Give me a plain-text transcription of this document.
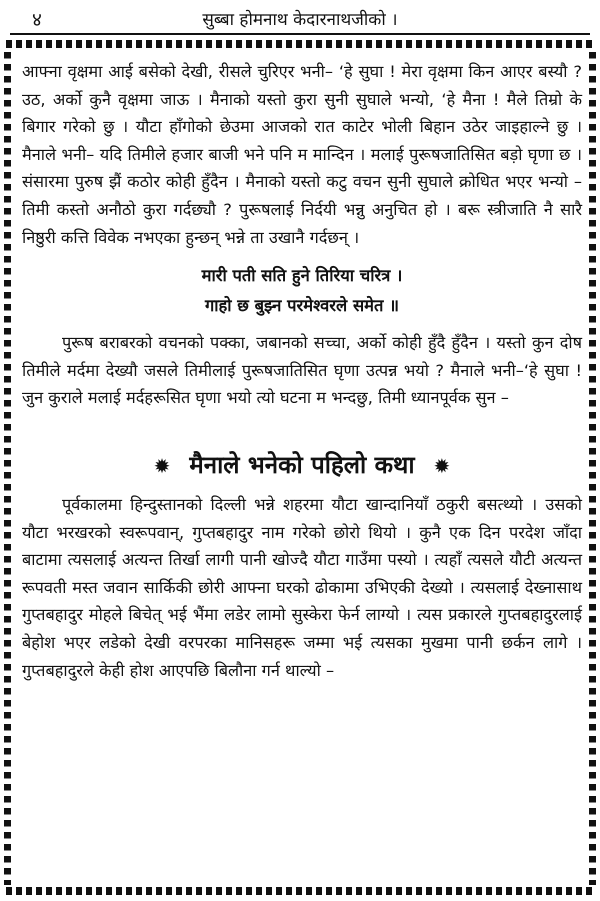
४	सुब्बा होमनाथ केदारनाथजीको ।

आफ्ना वृक्षमा आई बसेको देखी, रीसले चुरिएर भनी– ‘हे सुघा ! मेरा वृक्षमा किन आएर बस्यौ ? उठ, अर्को कुनै वृक्षमा जाऊ । मैनाको यस्तो कुरा सुनी सुघाले भन्यो, ‘हे मैना ! मैले तिम्रो के बिगार गरेको छु । यौटा हाँगोको छेउमा आजको रात काटेर भोली बिहान उठेर जाइहाल्ने छु । मैनाले भनी– यदि तिमीले हजार बाजी भने पनि म मान्दिन । मलाई पुरूषजातिसित बड़ो घृणा छ । संसारमा पुरुष झैं कठोर कोही हुँदैन । मैनाको यस्तो कटु वचन सुनी सुघाले क्रोधित भएर भन्यो – तिमी कस्तो अनौठो कुरा गर्दछ्यौ ? पुरूषलाई निर्दयी भन्नु अनुचित हो । बरू स्त्रीजाति नै सारै निष्ठुरी कत्ति विवेक नभएका हुन्छन् भन्ने ता उखानै गर्दछन् ।

मारी पती सति हुने तिरिया चरित्र ।
गाहो छ बुझ्न परमेश्वरले समेत ॥

पुरूष बराबरको वचनको पक्का, जबानको सच्चा, अर्को कोही हुँदै हुँदैन । यस्तो कुन दोष तिमीले मर्दमा देख्यौ जसले तिमीलाई पुरूषजातिसित घृणा उत्पन्न भयो ? मैनाले भनी–‘हे सुघा ! जुन कुराले मलाई मर्दहरूसित घृणा भयो त्यो घटना म भन्दछु, तिमी ध्यानपूर्वक सुन –

✹ मैनाले भनेको पहिलो कथा ✹

पूर्वकालमा हिन्दुस्तानको दिल्ली भन्ने शहरमा यौटा खान्दानियाँ ठकुरी बसत्थ्यो । उसको यौटा भरखरको स्वरूपवान्, गुप्तबहादुर नाम गरेको छोरो थियो । कुनै एक दिन परदेश जाँदा बाटामा त्यसलाई अत्यन्त तिर्खा लागी पानी खोज्दै यौटा गाउँमा पस्यो । त्यहाँ त्यसले यौटी अत्यन्त रूपवती मस्त जवान सार्किकी छोरी आफ्ना घरको ढोकामा उभिएकी देख्यो । त्यसलाई देख्नासाथ गुप्तबहादुर मोहले बिचेत् भई भैंमा लडेर लामो सुस्केरा फेर्न लाग्यो । त्यस प्रकारले गुप्तबहादुरलाई बेहोश भएर लडेको देखी वरपरका मानिसहरू जम्मा भई त्यसका मुखमा पानी छर्कन लागे । गुप्तबहादुरले केही होश आएपछि बिलौना गर्न थाल्यो –
